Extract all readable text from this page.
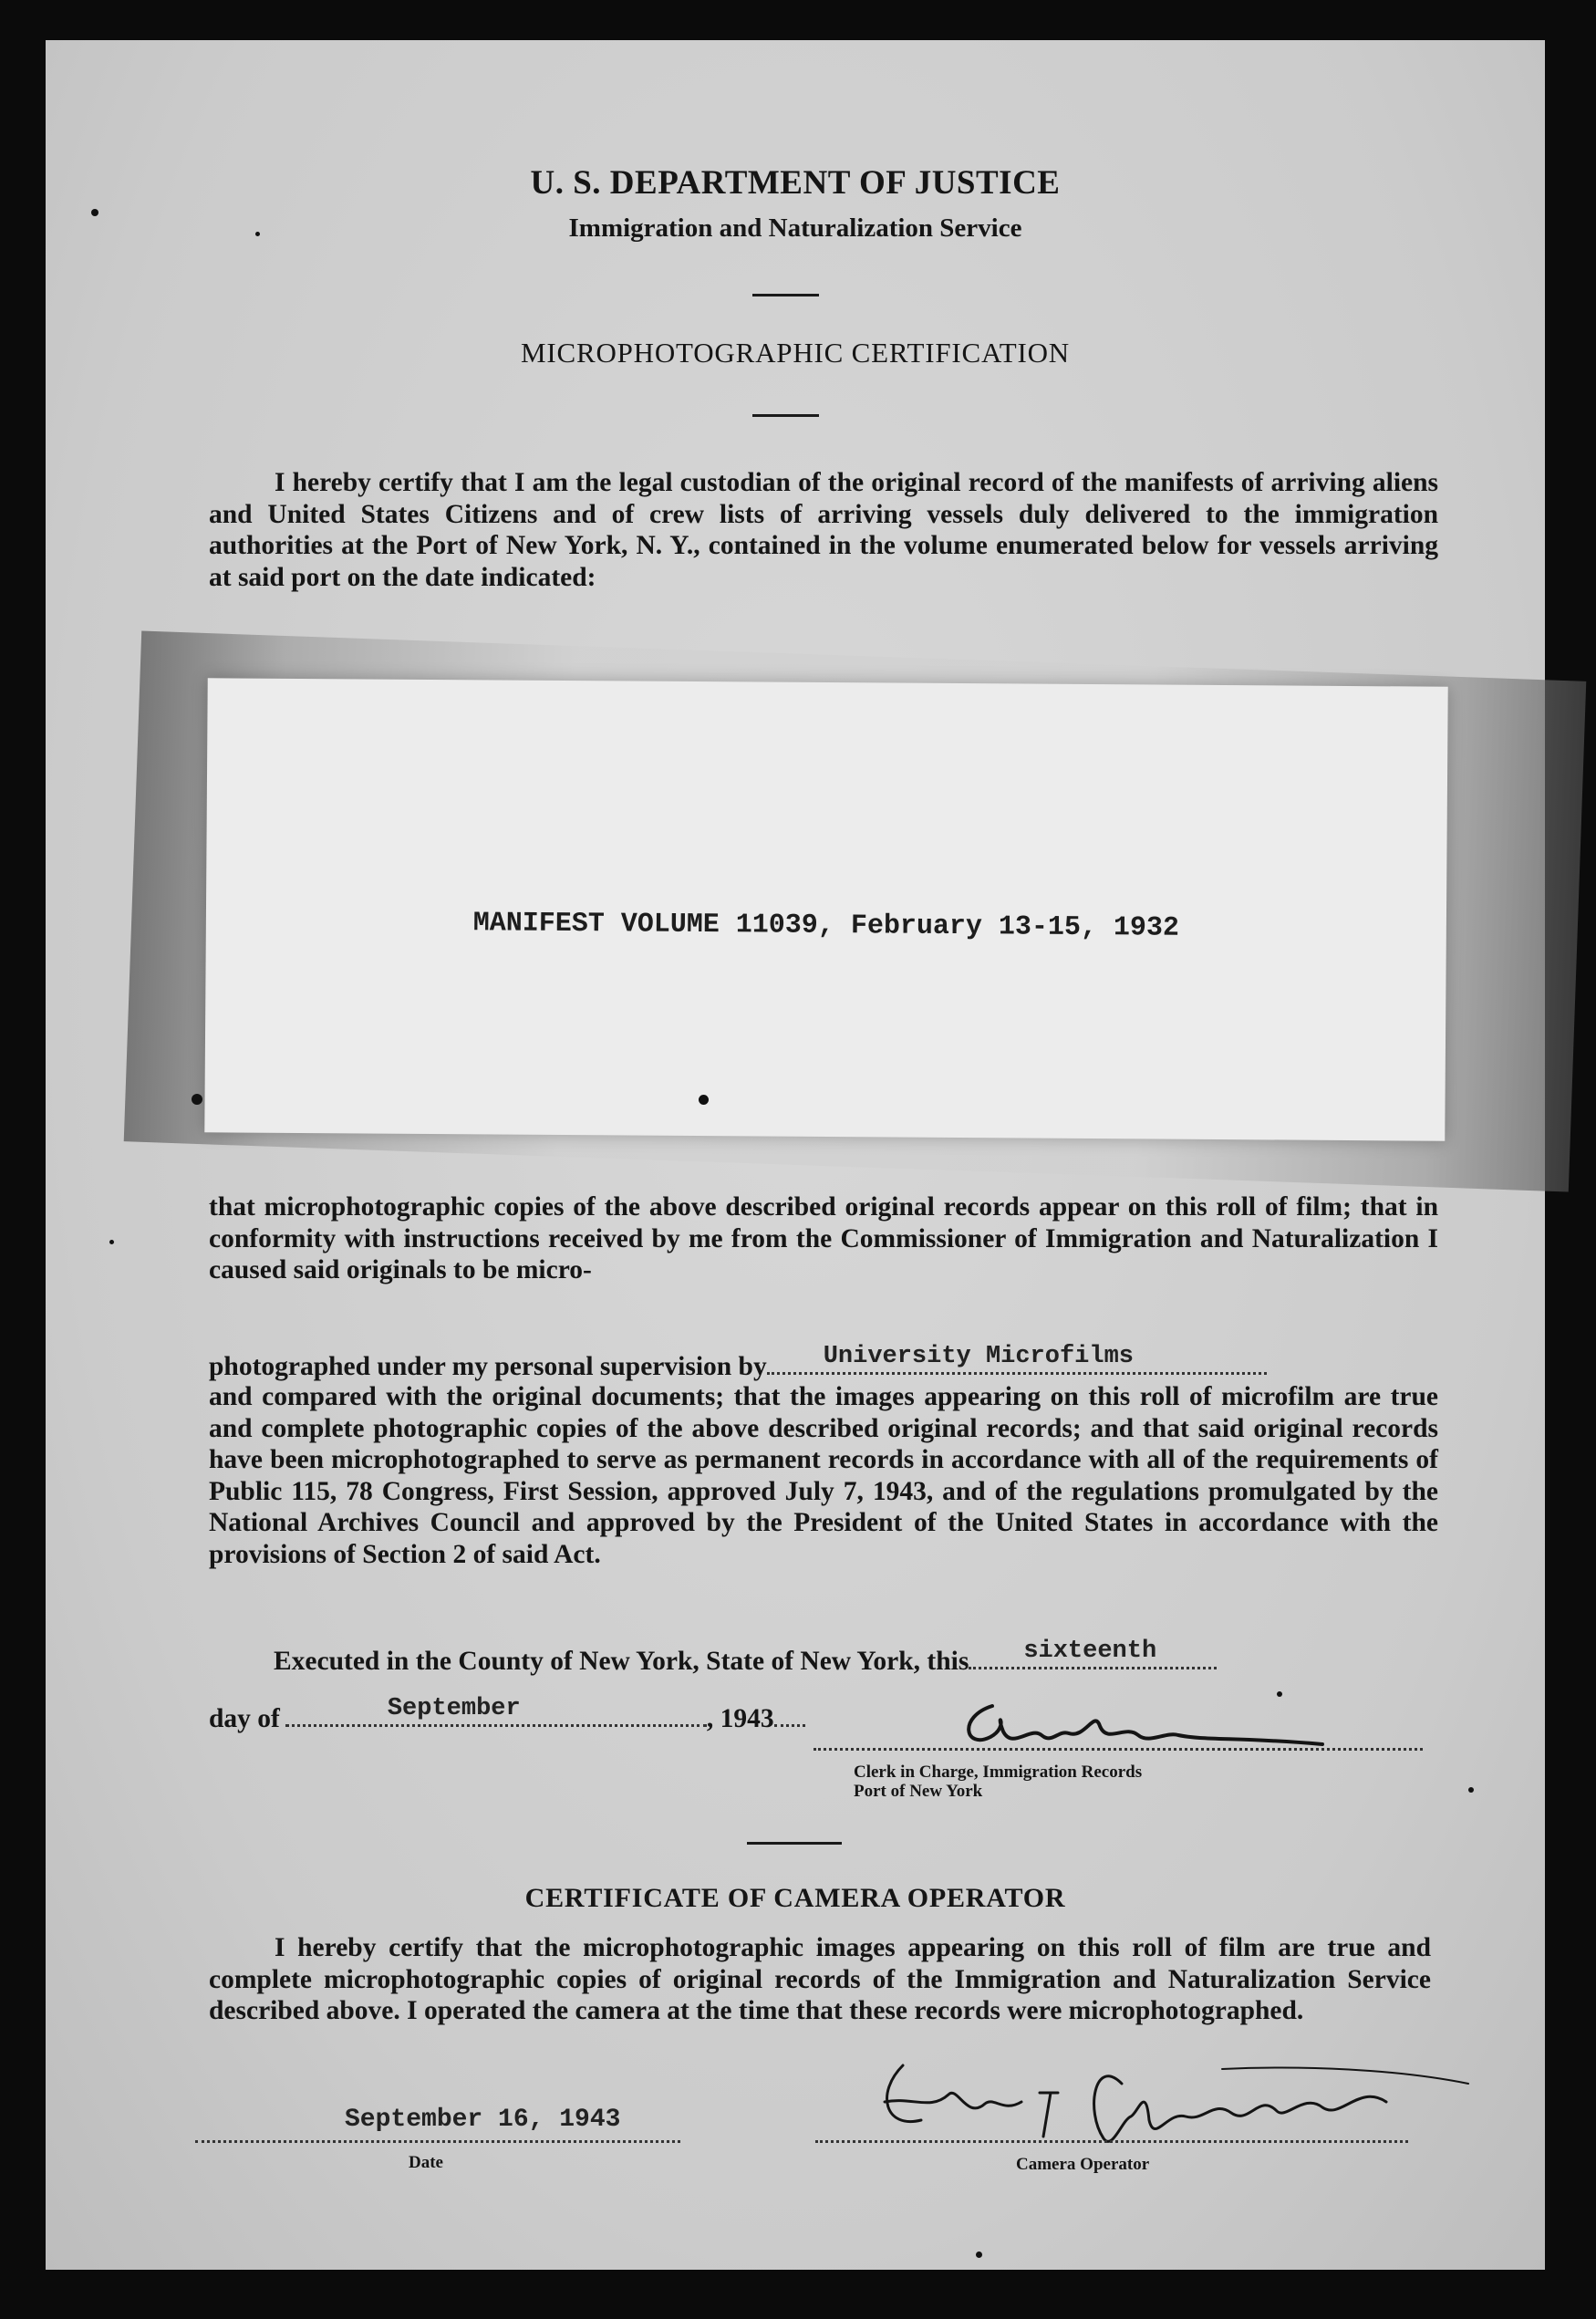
U. S. DEPARTMENT OF JUSTICE
Immigration and Naturalization Service
MICROPHOTOGRAPHIC CERTIFICATION
I hereby certify that I am the legal custodian of the original record of the manifests of arriving aliens and United States Citizens and of crew lists of arriving vessels duly delivered to the immigration authorities at the Port of New York, N. Y., contained in the volume enumerated below for vessels arriving at said port on the date indicated:
MANIFEST VOLUME 11039, February 13-15, 1932
that microphotographic copies of the above described original records appear on this roll of film; that in conformity with instructions received by me from the Commissioner of Immigration and Naturalization I caused said originals to be micro-
photographed under my personal supervision by University Microfilms
and compared with the original documents; that the images appearing on this roll of microfilm are true and complete photographic copies of the above described original records; and that said original records have been microphotographed to serve as permanent records in accordance with all of the requirements of Public 115, 78 Congress, First Session, approved July 7, 1943, and of the regulations promulgated by the National Archives Council and approved by the President of the United States in accordance with the provisions of Section 2 of said Act.
Executed in the County of New York, State of New York, this sixteenth
day of	September	, 1943
Clerk in Charge, Immigration Records
Port of New York
CERTIFICATE OF CAMERA OPERATOR
I hereby certify that the microphotographic images appearing on this roll of film are true and complete microphotographic copies of original records of the Immigration and Naturalization Service described above. I operated the camera at the time that these records were microphotographed.
September 16, 1943
Date	Camera Operator
